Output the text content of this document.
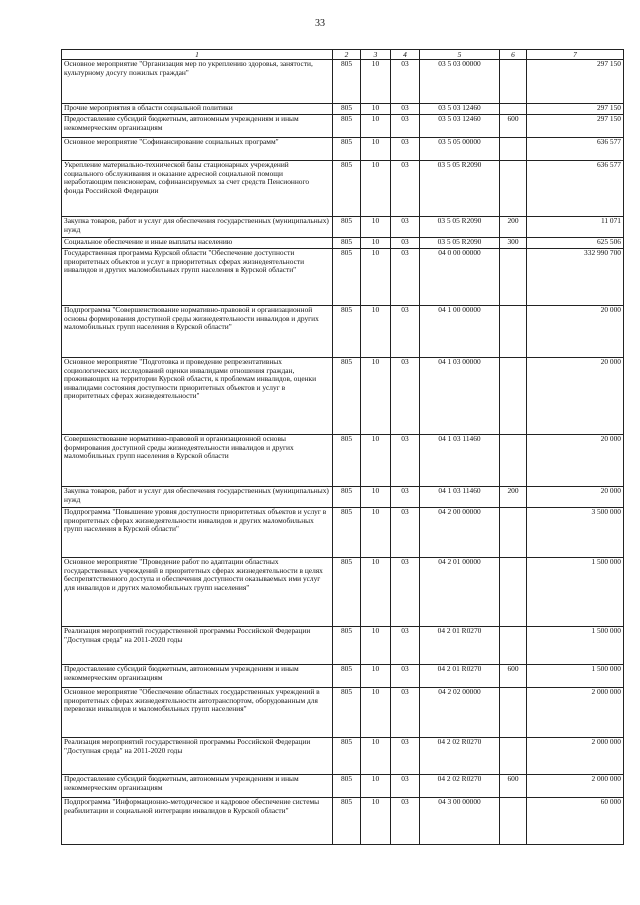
33
1	2	3	4	5	6	7
Основное мероприятие "Организация мер по укреплению здоровья, занятости, культурному досугу пожилых граждан"	805	10	03	03 5 03 00000		297 150
Прочие мероприятия в области социальной политики	805	10	03	03 5 03 12460		297 150
Предоставление субсидий бюджетным, автономным учреждениям и иным некоммерческим организациям	805	10	03	03 5 03 12460	600	297 150
Основное мероприятие "Софинансирование социальных программ"	805	10	03	03 5 05 00000		636 577
Укрепление материально-технической базы стационарных учреждений социального обслуживания и оказание адресной социальной помощи неработающим пенсионерам, софинансируемых за счет средств Пенсионного фонда Российской Федерации	805	10	03	03 5 05 R2090		636 577
Закупка товаров, работ и услуг для обеспечения государственных (муниципальных) нужд	805	10	03	03 5 05 R2090	200	11 071
Социальное обеспечение и иные выплаты населению	805	10	03	03 5 05 R2090	300	625 506
Государственная программа Курской области "Обеспечение доступности приоритетных объектов и услуг в приоритетных сферах жизнедеятельности инвалидов и других маломобильных групп населения в Курской области"	805	10	03	04 0 00 00000		332 990 700
Подпрограмма "Совершенствование нормативно-правовой и организационной основы формирования доступной среды жизнедеятельности инвалидов и других маломобильных групп населения в Курской области"	805	10	03	04 1 00 00000		20 000
Основное мероприятие "Подготовка и проведение репрезентативных социологических исследований оценки инвалидами отношения граждан, проживающих на территории Курской области, к проблемам инвалидов, оценки инвалидами состояния доступности приоритетных объектов и услуг в приоритетных сферах жизнедеятельности"	805	10	03	04 1 03 00000		20 000
Совершенствование нормативно-правовой и организационной основы формирования доступной среды жизнедеятельности инвалидов и других маломобильных групп населения в Курской области	805	10	03	04 1 03 11460		20 000
Закупка товаров, работ и услуг для обеспечения государственных (муниципальных) нужд	805	10	03	04 1 03 11460	200	20 000
Подпрограмма "Повышение уровня доступности приоритетных объектов и услуг в приоритетных сферах жизнедеятельности инвалидов и других маломобильных групп населения в Курской области"	805	10	03	04 2 00 00000		3 500 000
Основное мероприятие "Проведение работ по адаптации областных государственных учреждений в приоритетных сферах жизнедеятельности в целях беспрепятственного доступа и обеспечения доступности оказываемых ими услуг для инвалидов и других маломобильных групп населения"	805	10	03	04 2 01 00000		1 500 000
Реализация мероприятий государственной программы Российской Федерации "Доступная среда" на 2011-2020 годы	805	10	03	04 2 01 R0270		1 500 000
Предоставление субсидий бюджетным, автономным учреждениям и иным некоммерческим организациям	805	10	03	04 2 01 R0270	600	1 500 000
Основное мероприятие "Обеспечение областных государственных учреждений в приоритетных сферах жизнедеятельности автотранспортом, оборудованным для перевозки инвалидов и маломобильных групп населения"	805	10	03	04 2 02 00000		2 000 000
Реализация мероприятий государственной программы Российской Федерации "Доступная среда" на 2011-2020 годы	805	10	03	04 2 02 R0270		2 000 000
Предоставление субсидий бюджетным, автономным учреждениям и иным некоммерческим организациям	805	10	03	04 2 02 R0270	600	2 000 000
Подпрограмма "Информационно-методическое и кадровое обеспечение системы реабилитации и социальной интеграции инвалидов в Курской области"	805	10	03	04 3 00 00000		60 000
